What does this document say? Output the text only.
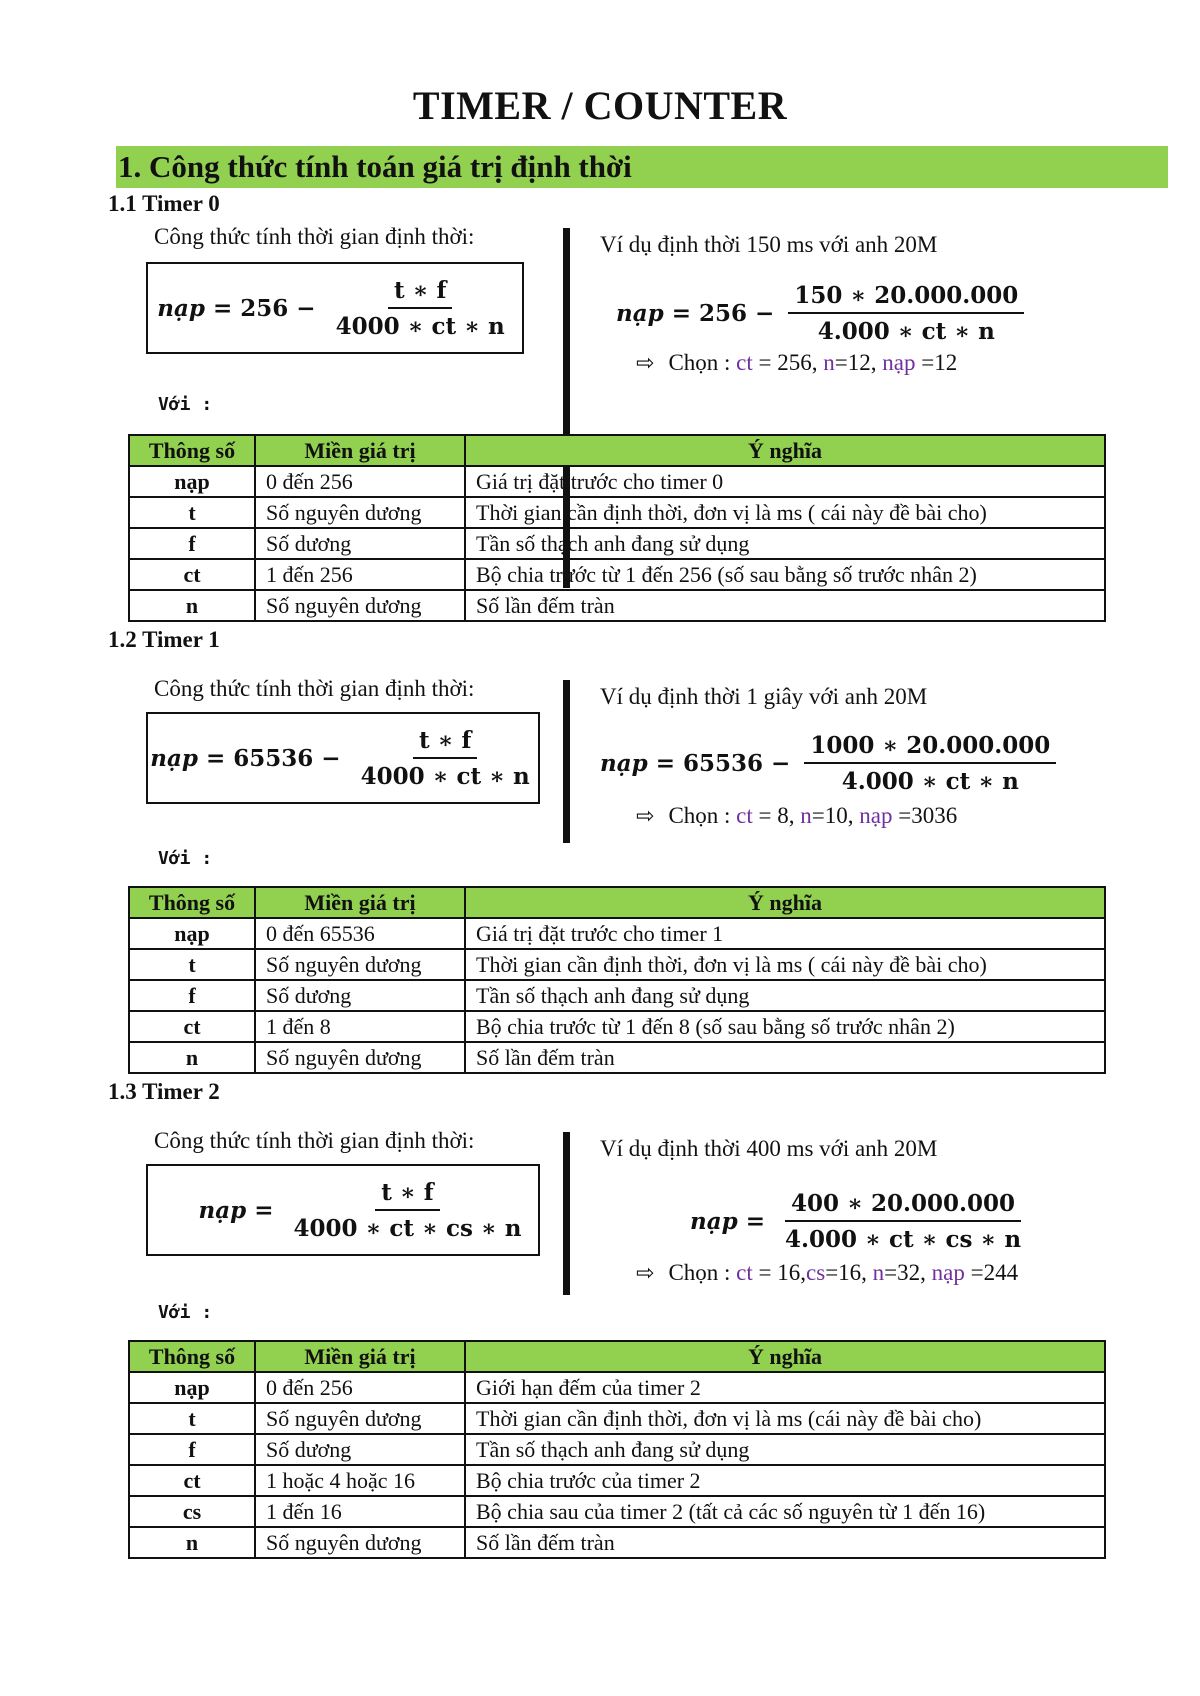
TIMER / COUNTER
1. Công thức tính toán giá trị định thời
1.1 Timer 0
Công thức tính thời gian định thời:
nạp = $256 - \frac{t ∗ f}{4000 ∗ ct ∗ n}$
Ví dụ định thời 150 ms với anh 20M
nạp = $256 - \frac{150 ∗ 20.000.000}{4.000 ∗ ct ∗ n}$
⇨ Chọn : ct = 256, n =12, nạp =12
Với :
Thông số	Miền giá trị	Ý nghĩa
nạp	0 đến 256	Giá trị đặt trước cho timer 0
t	Số nguyên dương	Thời gian cần định thời, đơn vị là ms ( cái này đề bài cho)
f	Số dương	Tần số thạch anh đang sử dụng
ct	1 đến 256	Bộ chia trước từ 1 đến 256 (số sau bằng số trước nhân 2)
n	Số nguyên dương	Số lần đếm tràn
1.2 Timer 1
Công thức tính thời gian định thời:
nạp = $65536 - \frac{t ∗ f}{4000 ∗ ct ∗ n}$
Ví dụ định thời 1 giây với anh 20M
nạp = $65536 - \frac{1000 ∗ 20.000.000}{4.000 ∗ ct ∗ n}$
⇨ Chọn : ct = 8, n =10, nạp =3036
Với :
Thông số	Miền giá trị	Ý nghĩa
nạp	0 đến 65536	Giá trị đặt trước cho timer 1
t	Số nguyên dương	Thời gian cần định thời, đơn vị là ms ( cái này đề bài cho)
f	Số dương	Tần số thạch anh đang sử dụng
ct	1 đến 8	Bộ chia trước từ 1 đến 8 (số sau bằng số trước nhân 2)
n	Số nguyên dương	Số lần đếm tràn
1.3 Timer 2
Công thức tính thời gian định thời:
nạp = $\frac{t ∗ f}{4000 ∗ ct ∗ cs ∗ n}$
Ví dụ định thời 400 ms với anh 20M
nạp = $\frac{400 ∗ 20.000.000}{4.000 ∗ ct ∗ cs ∗ n}$
⇨ Chọn : ct = 16, cs =16, n =32, nạp =244
Với :
Thông số	Miền giá trị	Ý nghĩa
nạp	0 đến 256	Giới hạn đếm của timer 2
t	Số nguyên dương	Thời gian cần định thời, đơn vị là ms (cái này đề bài cho)
f	Số dương	Tần số thạch anh đang sử dụng
ct	1 hoặc 4 hoặc 16	Bộ chia trước của timer 2
cs	1 đến 16	Bộ chia sau của timer 2 (tất cả các số nguyên từ 1 đến 16)
n	Số nguyên dương	Số lần đếm tràn
